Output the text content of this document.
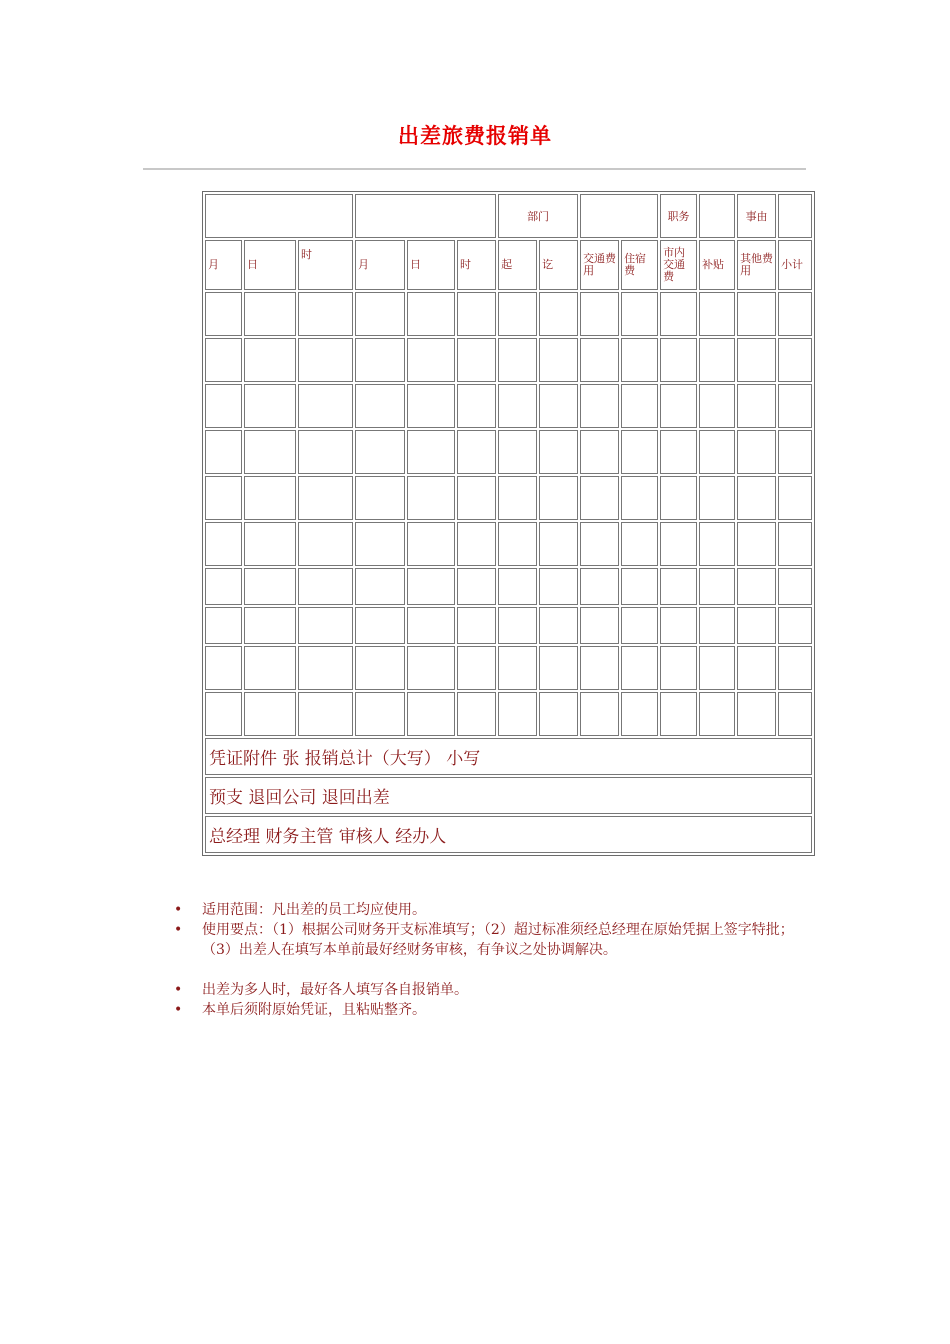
出差旅费报销单
						部门				职务		事由	
月	日	时	月	日	时	起	讫	交通费用	住宿费	市内交通费	补贴	其他费用	小计

凭证附件 张 报销总计（大写） 小写													
预支 退回公司 退回出差													
总经理 财务主管 审核人 经办人													
• 适用范围：凡出差的员工均应使用。
• 使用要点：（1）根据公司财务开支标准填写；（2）超过标准须经总经理在原始凭据上签字特批；（3）出差人在填写本单前最好经财务审核，有争议之处协调解决。
• 出差为多人时，最好各人填写各自报销单。
• 本单后须附原始凭证，且粘贴整齐。
